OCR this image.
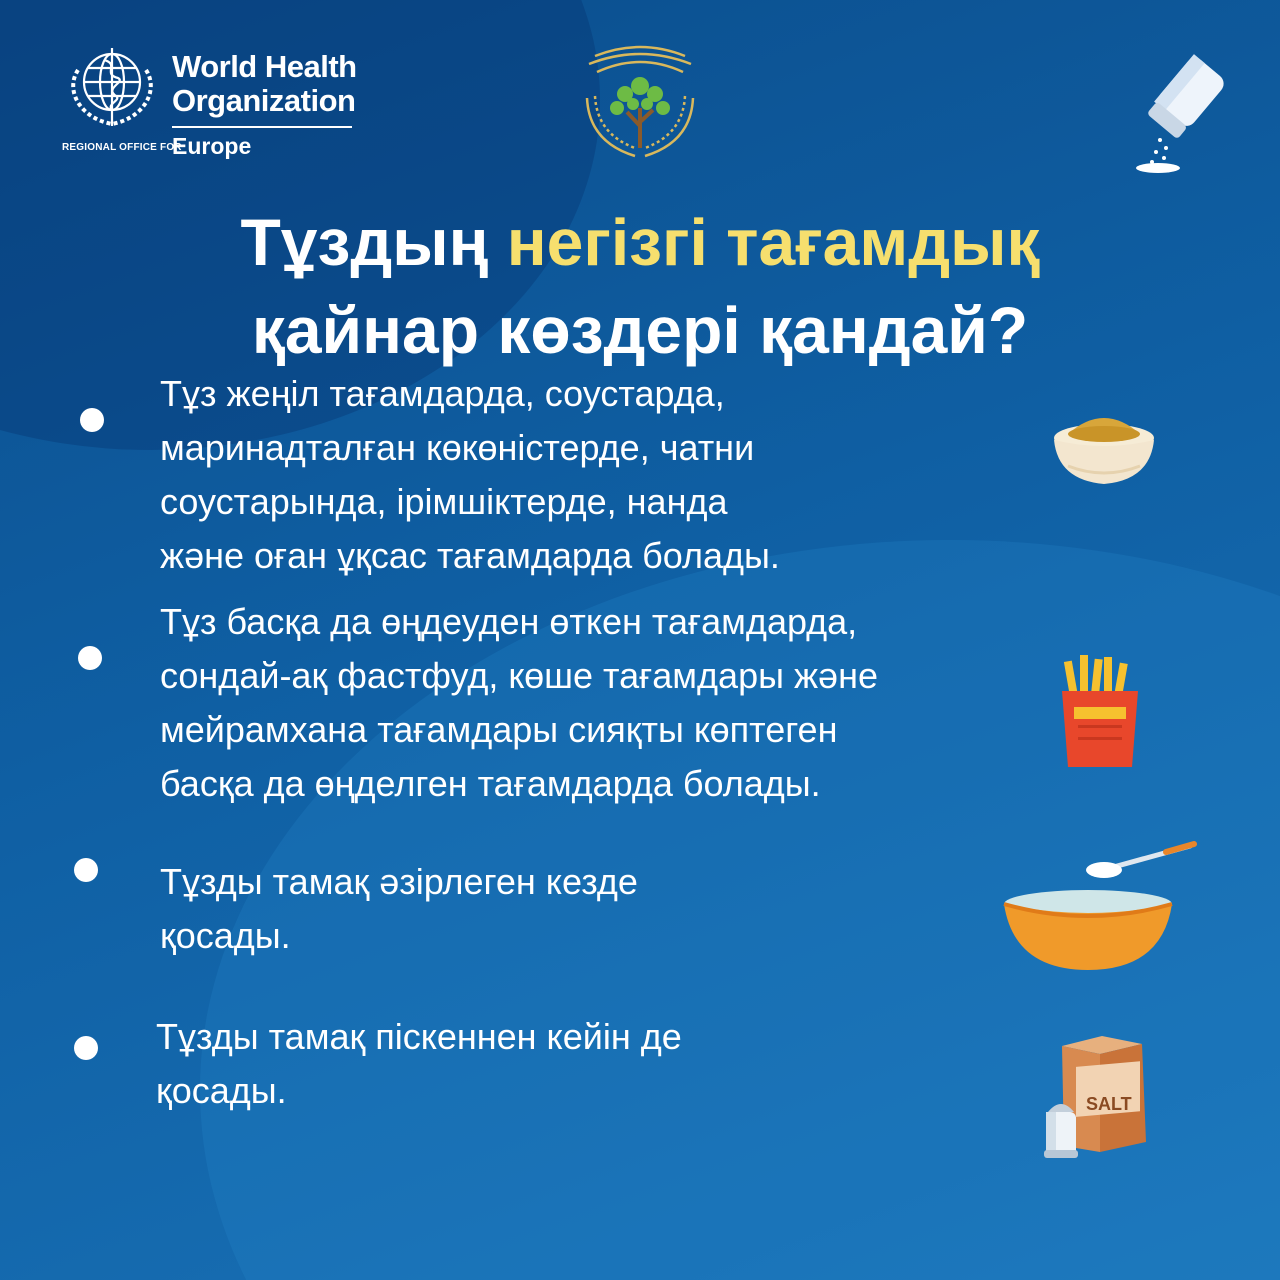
World Health
Organization
REGIONAL OFFICE FOR
Europe
Тұздың негізгі тағамдық
қайнар көздері қандай?
Тұз жеңіл тағамдарда, соустарда,
маринадталған көкөністерде, чатни
соустарында, ірімшіктерде, нанда
және оған ұқсас тағамдарда болады.
Тұз басқа да өңдеуден өткен тағамдарда,
сондай-ақ фастфуд, көше тағамдары және
мейрамхана тағамдары сияқты көптеген
басқа да өңделген тағамдарда болады.
Тұзды тамақ әзірлеген кезде
қосады.
Тұзды тамақ піскеннен кейін де
қосады.	SALT
